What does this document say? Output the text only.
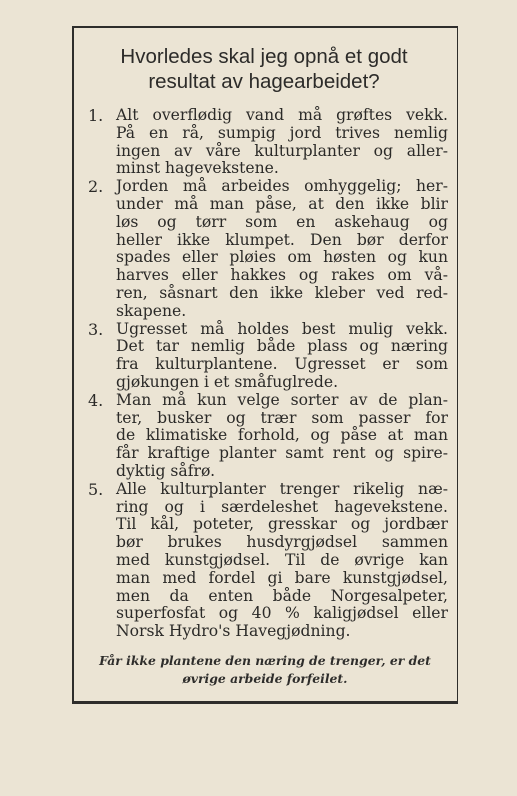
Hvorledes skal jeg opnå et godt
resultat av hagearbeidet?
1. Alt overflødig vand må grøftes vekk.
På en rå, sumpig jord trives nemlig
ingen av våre kulturplanter og aller-
minst hagevekstene.
2. Jorden må arbeides omhyggelig; her-
under må man påse, at den ikke blir
løs og tørr som en askehaug og
heller ikke klumpet. Den bør derfor
spades eller pløies om høsten og kun
harves eller hakkes og rakes om vå-
ren, såsnart den ikke kleber ved red-
skapene.
3. Ugresset må holdes best mulig vekk.
Det tar nemlig både plass og næring
fra kulturplantene. Ugresset er som
gjøkungen i et småfuglrede.
4. Man må kun velge sorter av de plan-
ter, busker og trær som passer for
de klimatiske forhold, og påse at man
får kraftige planter samt rent og spire-
dyktig såfrø.
5. Alle kulturplanter trenger rikelig næ-
ring og i særdeleshet hagevekstene.
Til kål, poteter, gresskar og jordbær
bør brukes husdyrgjødsel sammen
med kunstgjødsel. Til de øvrige kan
man med fordel gi bare kunstgjødsel,
men da enten både Norgesalpeter,
superfosfat og 40 % kaligjødsel eller
Norsk Hydro's Havegjødning.

Får ikke plantene den næring de trenger, er det
øvrige arbeide forfeilet.
